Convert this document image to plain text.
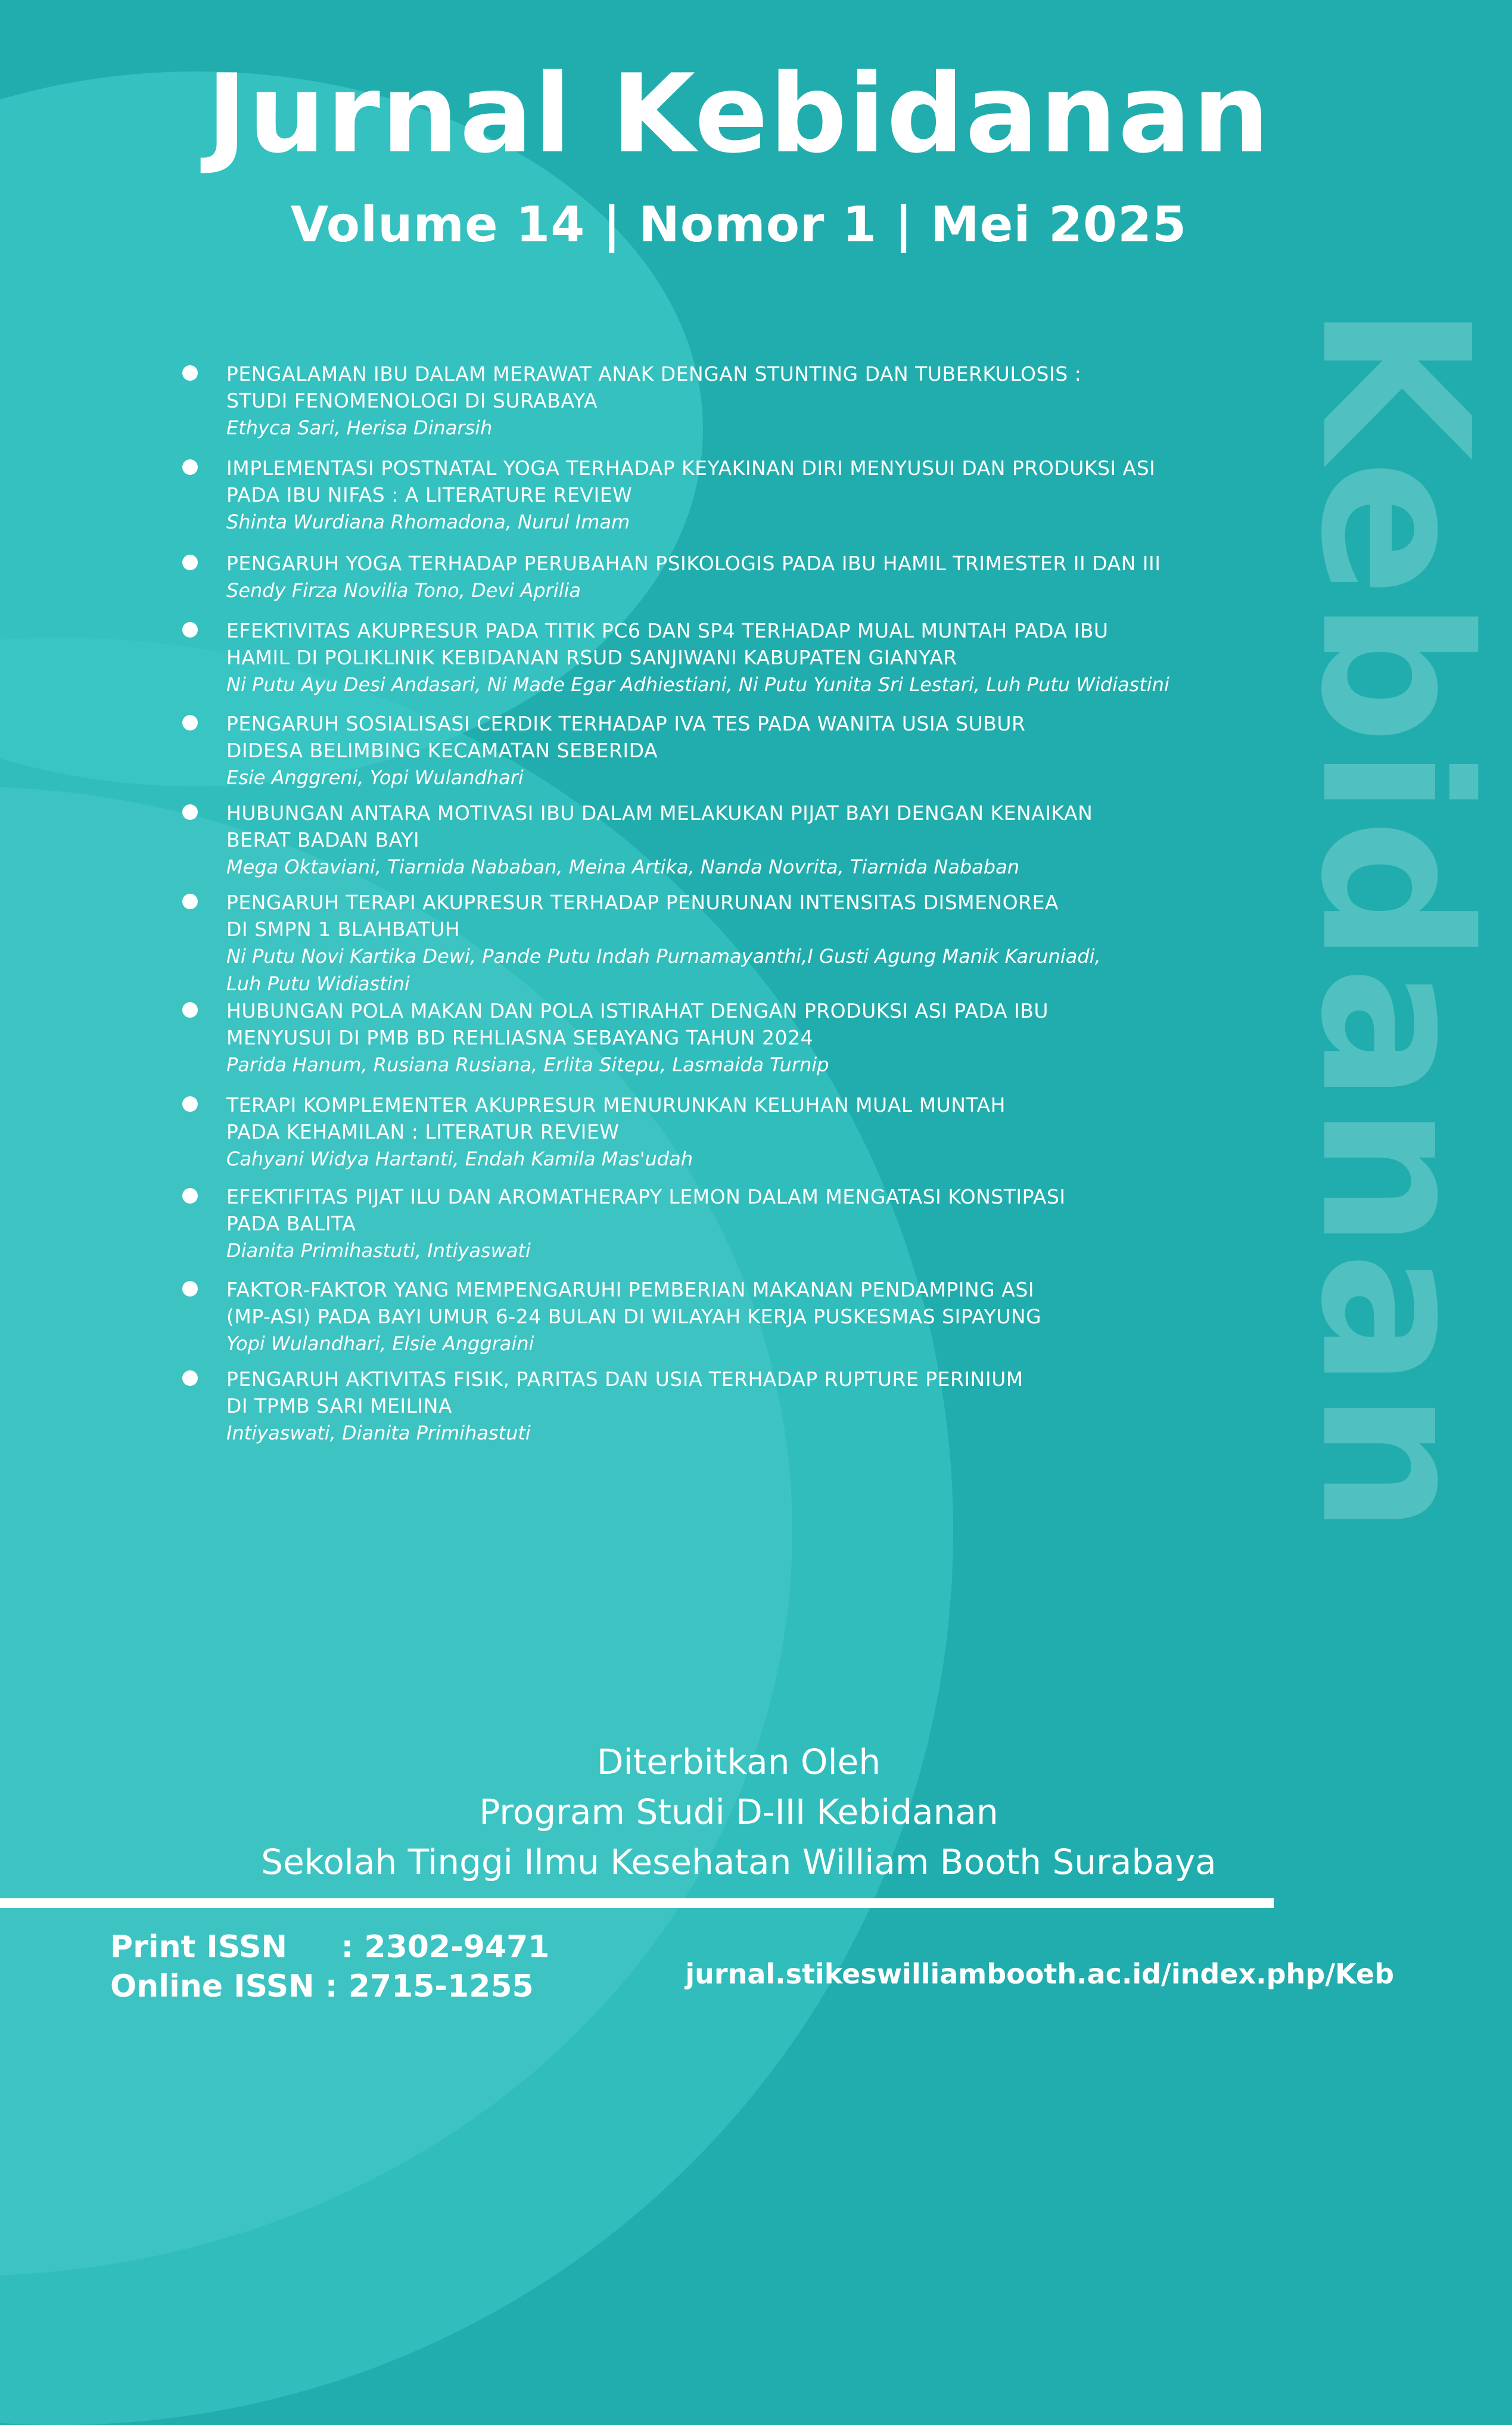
Kebidanan
Jurnal Kebidanan
Volume 14 | Nomor 1 | Mei 2025
PENGALAMAN IBU DALAM MERAWAT ANAK DENGAN STUNTING DAN TUBERKULOSIS :
STUDI FENOMENOLOGI DI SURABAYA
Ethyca Sari, Herisa Dinarsih
IMPLEMENTASI POSTNATAL YOGA TERHADAP KEYAKINAN DIRI MENYUSUI DAN PRODUKSI ASI
PADA IBU NIFAS : A LITERATURE REVIEW
Shinta Wurdiana Rhomadona, Nurul Imam
PENGARUH YOGA TERHADAP PERUBAHAN PSIKOLOGIS PADA IBU HAMIL TRIMESTER II DAN III
Sendy Firza Novilia Tono, Devi Aprilia
EFEKTIVITAS AKUPRESUR PADA TITIK PC6 DAN SP4 TERHADAP MUAL MUNTAH PADA IBU
HAMIL DI POLIKLINIK KEBIDANAN RSUD SANJIWANI KABUPATEN GIANYAR
Ni Putu Ayu Desi Andasari, Ni Made Egar Adhiestiani, Ni Putu Yunita Sri Lestari, Luh Putu Widiastini
PENGARUH SOSIALISASI CERDIK TERHADAP IVA TES PADA WANITA USIA SUBUR
DIDESA BELIMBING KECAMATAN SEBERIDA
Esie Anggreni, Yopi Wulandhari
HUBUNGAN ANTARA MOTIVASI IBU DALAM MELAKUKAN PIJAT BAYI DENGAN KENAIKAN
BERAT BADAN BAYI
Mega Oktaviani, Tiarnida Nababan, Meina Artika, Nanda Novrita, Tiarnida Nababan
PENGARUH TERAPI AKUPRESUR TERHADAP PENURUNAN INTENSITAS DISMENOREA
DI SMPN 1 BLAHBATUH
Ni Putu Novi Kartika Dewi, Pande Putu Indah Purnamayanthi,I Gusti Agung Manik Karuniadi,
Luh Putu Widiastini
HUBUNGAN POLA MAKAN DAN POLA ISTIRAHAT DENGAN PRODUKSI ASI PADA IBU
MENYUSUI DI PMB BD REHLIASNA SEBAYANG TAHUN 2024
Parida Hanum, Rusiana Rusiana, Erlita Sitepu, Lasmaida Turnip
TERAPI KOMPLEMENTER AKUPRESUR MENURUNKAN KELUHAN MUAL MUNTAH
PADA KEHAMILAN : LITERATUR REVIEW
Cahyani Widya Hartanti, Endah Kamila Mas'udah
EFEKTIFITAS PIJAT ILU DAN AROMATHERAPY LEMON DALAM MENGATASI KONSTIPASI
PADA BALITA
Dianita Primihastuti, Intiyaswati
FAKTOR-FAKTOR YANG MEMPENGARUHI PEMBERIAN MAKANAN PENDAMPING ASI
(MP-ASI) PADA BAYI UMUR 6-24 BULAN DI WILAYAH KERJA PUSKESMAS SIPAYUNG
Yopi Wulandhari, Elsie Anggraini
PENGARUH AKTIVITAS FISIK, PARITAS DAN USIA TERHADAP RUPTURE PERINIUM
DI TPMB SARI MEILINA
Intiyaswati, Dianita Primihastuti
Diterbitkan Oleh
Program Studi D-III Kebidanan
Sekolah Tinggi Ilmu Kesehatan William Booth Surabaya
Print ISSN     : 2302-9471
Online ISSN : 2715-1255	jurnal.stikeswilliambooth.ac.id/index.php/Keb
